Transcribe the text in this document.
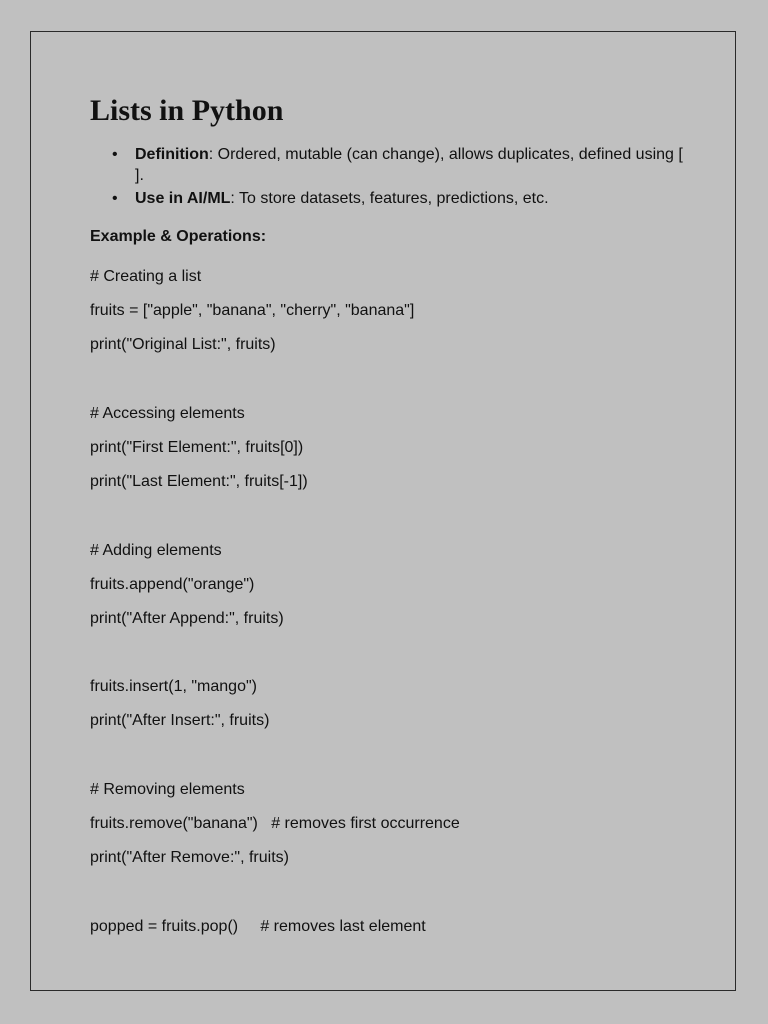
Lists in Python
• Definition: Ordered, mutable (can change), allows duplicates, defined using [ ].
• Use in AI/ML: To store datasets, features, predictions, etc.
Example & Operations:
# Creating a list
fruits = ["apple", "banana", "cherry", "banana"]
print("Original List:", fruits)
# Accessing elements
print("First Element:", fruits[0])
print("Last Element:", fruits[-1])
# Adding elements
fruits.append("orange")
print("After Append:", fruits)
fruits.insert(1, "mango")
print("After Insert:", fruits)
# Removing elements
fruits.remove("banana")   # removes first occurrence
print("After Remove:", fruits)
popped = fruits.pop()     # removes last element
